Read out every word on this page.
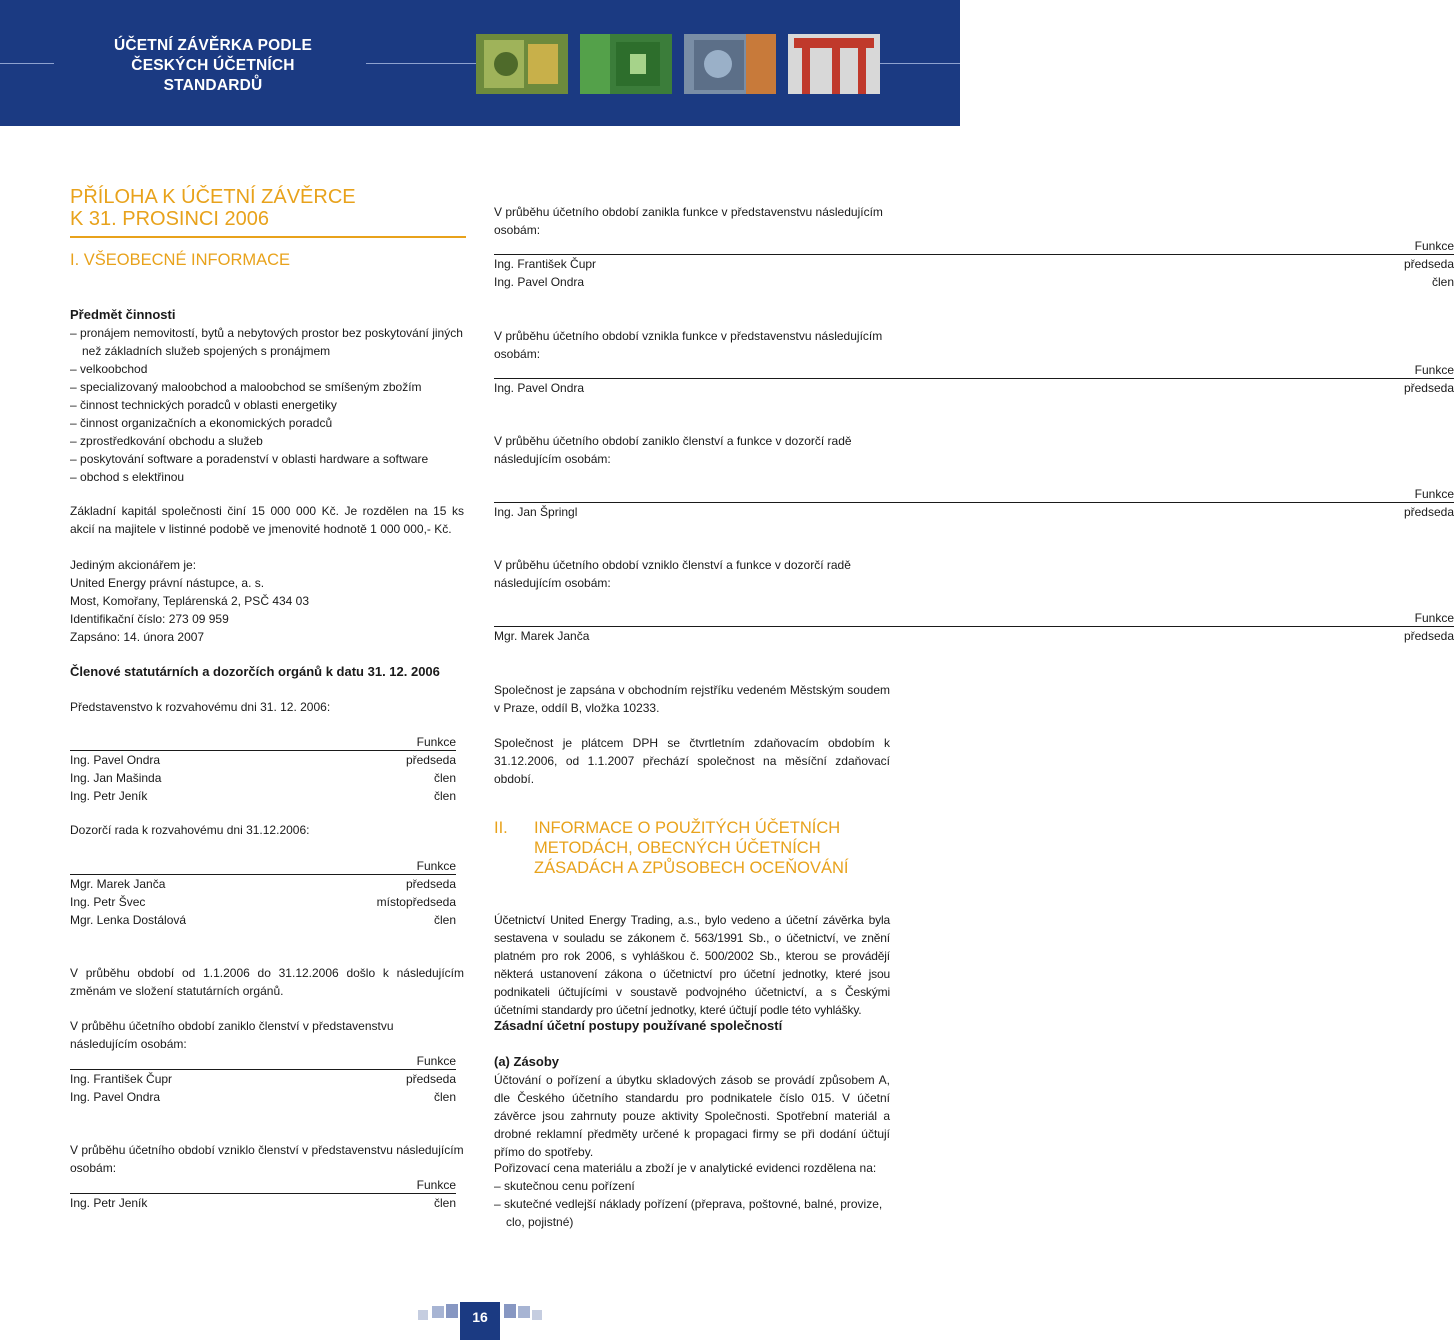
ÚČETNÍ ZÁVĚRKA PODLE
ČESKÝCH ÚČETNÍCH
STANDARDŮ
PŘÍLOHA K ÚČETNÍ ZÁVĚRCE
K 31. PROSINCI 2006
I. VŠEOBECNÉ INFORMACE
Předmět činnosti
– pronájem nemovitostí, bytů a nebytových prostor bez poskytování jiných než základních služeb spojených s pronájmem
– velkoobchod
– specializovaný maloobchod a maloobchod se smíšeným zbožím
– činnost technických poradců v oblasti energetiky
– činnost organizačních a ekonomických poradců
– zprostředkování obchodu a služeb
– poskytování software a poradenství v oblasti hardware a software
– obchod s elektřinou
Základní kapitál společnosti činí 15 000 000 Kč. Je rozdělen na 15 ks akcií na majitele v listinné podobě ve jmenovité hodnotě 1 000 000,- Kč.
Jediným akcionářem je:
United Energy právní nástupce, a. s.
Most, Komořany, Teplárenská 2, PSČ 434 03
Identifikační číslo: 273 09 959
Zapsáno: 14. února 2007
Členové statutárních a dozorčích orgánů k datu 31. 12. 2006
Představenstvo k rozvahovému dni 31. 12. 2006:
Funkce
Ing. Pavel Ondra	předseda
Ing. Jan Mašinda	člen
Ing. Petr Jeník	člen
Dozorčí rada k rozvahovému dni 31.12.2006:
Funkce
Mgr. Marek Janča	předseda
Ing. Petr Švec	místopředseda
Mgr. Lenka Dostálová	člen
V průběhu období od 1.1.2006 do 31.12.2006 došlo k následujícím změnám ve složení statutárních orgánů.
V průběhu účetního období zaniklo členství v představenstvu následujícím osobám:
Funkce
Ing. František Čupr	předseda
Ing. Pavel Ondra	člen
V průběhu účetního období vzniklo členství v představenstvu následujícím osobám:
Funkce
Ing. Petr Jeník	člen
V průběhu účetního období zanikla funkce v představenstvu následujícím osobám:
Funkce
Ing. František Čupr	předseda
Ing. Pavel Ondra	člen
V průběhu účetního období vznikla funkce v představenstvu následujícím osobám:
Funkce
Ing. Pavel Ondra	předseda
V průběhu účetního období zaniklo členství a funkce v dozorčí radě následujícím osobám:
Funkce
Ing. Jan Špringl	předseda
V průběhu účetního období vzniklo členství a funkce v dozorčí radě následujícím osobám:
Funkce
Mgr. Marek Janča	předseda
Společnost je zapsána v obchodním rejstříku vedeném Městským soudem v Praze, oddíl B, vložka 10233.
Společnost je plátcem DPH se čtvrtletním zdaňovacím obdobím k 31.12.2006, od 1.1.2007 přechází společnost na měsíční zdaňovací období.
II.	INFORMACE O POUŽITÝCH ÚČETNÍCH
METODÁCH, OBECNÝCH ÚČETNÍCH
ZÁSADÁCH A ZPŮSOBECH OCEŇOVÁNÍ
Účetnictví United Energy Trading, a.s., bylo vedeno a účetní závěrka byla sestavena v souladu se zákonem č. 563/1991 Sb., o účetnictví, ve znění platném pro rok 2006, s vyhláškou č. 500/2002 Sb., kterou se provádějí některá ustanovení zákona o účetnictví pro účetní jednotky, které jsou podnikateli účtujícími v soustavě podvojného účetnictví, a s Českými účetními standardy pro účetní jednotky, které účtují podle této vyhlášky.
Zásadní účetní postupy používané společností
(a) Zásoby
Účtování o pořízení a úbytku skladových zásob se provádí způsobem A, dle Českého účetního standardu pro podnikatele číslo 015. V účetní závěrce jsou zahrnuty pouze aktivity Společnosti. Spotřební materiál a drobné reklamní předměty určené k propagaci firmy se při dodání účtují přímo do spotřeby.
Pořizovací cena materiálu a zboží je v analytické evidenci rozdělena na:
– skutečnou cenu pořízení
– skutečné vedlejší náklady pořízení (přeprava, poštovné, balné, provize, clo, pojistné)
16
